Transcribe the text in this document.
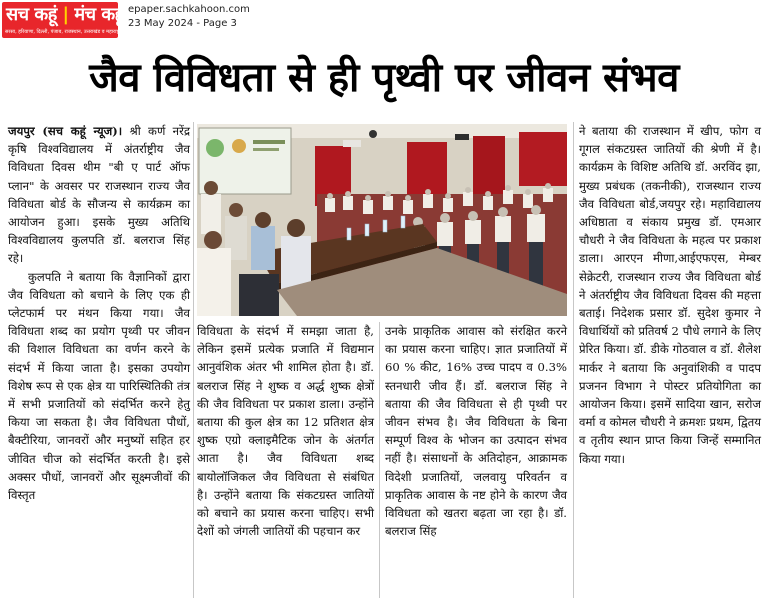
सच कहूं | मंच कहूं
सरसा, हरियाणा, दिल्ली, पंजाब, राजस्थान, उत्तराखंड व महाराष्ट्र से प्रकाशित
epaper.sachkahoon.com
23 May 2024 - Page 3
जैव विविधता से ही पृथ्वी पर जीवन संभव

जयपुर (सच कहूं न्यूज)। श्री कर्ण नरेंद्र कृषि विश्वविद्यालय में अंतर्राष्ट्रीय जैव विविधता दिवस थीम "बी ए पार्ट ऑफ प्लान" के अवसर पर राजस्थान राज्य जैव विविधता बोर्ड के सौजन्य से कार्यक्रम का आयोजन हुआ। इसके मुख्य अतिथि विश्वविद्यालय कुलपति डॉ. बलराज सिंह रहे।

कुलपति ने बताया कि वैज्ञानिकों द्वारा जैव विविधता को बचाने के लिए एक ही प्लेटफार्म पर मंथन किया गया। जैव विविधता शब्द का प्रयोग पृथ्वी पर जीवन की विशाल विविधता का वर्णन करने के संदर्भ में किया जाता है। इसका उपयोग विशेष रूप से एक क्षेत्र या पारिस्थितिकी तंत्र में सभी प्रजातियों को संदर्भित करने हेतु किया जा सकता है। जैव विविधता पौधों, बैक्टीरिया, जानवरों और मनुष्यों सहित हर जीवित चीज को संदर्भित करती है। इसे अक्सर पौधों, जानवरों और सूक्ष्मजीवों की विस्तृत

विविधता के संदर्भ में समझा जाता है, लेकिन इसमें प्रत्येक प्रजाति में विद्यमान आनुवंशिक अंतर भी शामिल होता है। डॉ. बलराज सिंह ने शुष्क व अर्द्ध शुष्क क्षेत्रों की जैव विविधता पर प्रकाश डाला। उन्होंने बताया की कुल क्षेत्र का 12 प्रतिशत क्षेत्र शुष्क एग्रो क्लाइमैटिक जोन के अंतर्गत आता है। जैव विविधता शब्द बायोलॉजिकल जैव विविधता से संबंधित है। उन्होंने बताया कि संकटग्रस्त जातियों को बचाने का प्रयास करना चाहिए। सभी देशों को जंगली जातियों की पहचान कर

उनके प्राकृतिक आवास को संरक्षित करने का प्रयास करना चाहिए। ज्ञात प्रजातियों में 60 % कीट, 16% उच्च पादप व 0.3% स्तनधारी जीव हैं। डॉ. बलराज सिंह ने बताया की जैव विविधता से ही पृथ्वी पर जीवन संभव है। जैव विविधता के बिना सम्पूर्ण विश्व के भोजन का उत्पादन संभव नहीं है। संसाधनों के अतिदोहन, आक्रामक विदेशी प्रजातियों, जलवायु परिवर्तन व प्राकृतिक आवास के नष्ट होने के कारण जैव विविधता को खतरा बढ़ता जा रहा है। डॉ. बलराज सिंह

ने बताया की राजस्थान में खीप, फोग व गूगल संकटग्रस्त जातियों की श्रेणी में है। कार्यक्रम के विशिष्ट अतिथि डॉ. अरविंद झा, मुख्य प्रबंधक (तकनीकी), राजस्थान राज्य जैव विविधता बोर्ड,जयपुर रहे। महाविद्यालय अधिष्ठाता व संकाय प्रमुख डॉ. एमआर चौधरी ने जैव विविधता के महत्व पर प्रकाश डाला। आरएन मीणा,आईएफएस, मेम्बर सेक्रेटरी, राजस्थान राज्य जैव विविधता बोर्ड ने अंतर्राष्ट्रीय जैव विविधता दिवस की महत्ता बताई। निदेशक प्रसार डॉ. सुदेश कुमार ने विधार्थियों को प्रतिवर्ष 2 पौधे लगाने के लिए प्रेरित किया। डॉ. डीके गोठवाल व डॉ. शैलेश मार्कर ने बताया कि अनुवांशिकी व पादप प्रजनन विभाग ने पोस्टर प्रतियोगिता का आयोजन किया। इसमें सादिया खान, सरोज वर्मा व कोमल चौधरी ने क्रमशः प्रथम, द्वितय व तृतीय स्थान प्राप्त किया जिन्हें सम्मानित किया गया।
